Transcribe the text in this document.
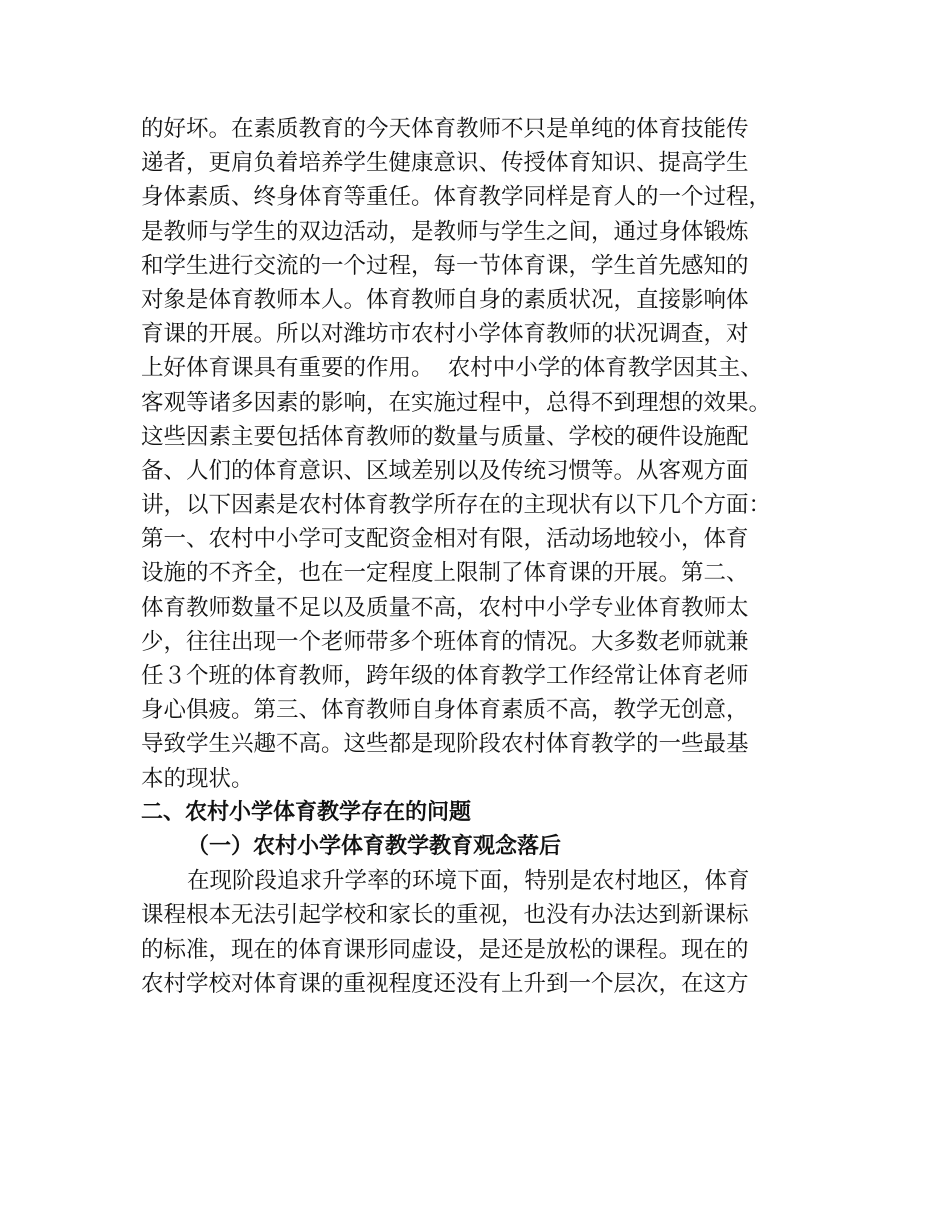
的好坏。在素质教育的今天体育教师不只是单纯的体育技能传
递者，更肩负着培养学生健康意识、传授体育知识、提高学生
身体素质、终身体育等重任。体育教学同样是育人的一个过程，
是教师与学生的双边活动，是教师与学生之间，通过身体锻炼
和学生进行交流的一个过程，每一节体育课，学生首先感知的
对象是体育教师本人。体育教师自身的素质状况，直接影响体
育课的开展。所以对潍坊市农村小学体育教师的状况调查，对
上好体育课具有重要的作用。  农村中小学的体育教学因其主、
客观等诸多因素的影响，在实施过程中，总得不到理想的效果。
这些因素主要包括体育教师的数量与质量、学校的硬件设施配
备、人们的体育意识、区域差别以及传统习惯等。从客观方面
讲，以下因素是农村体育教学所存在的主现状有以下几个方面：
第一、农村中小学可支配资金相对有限，活动场地较小，体育
设施的不齐全，也在一定程度上限制了体育课的开展。第二、
体育教师数量不足以及质量不高，农村中小学专业体育教师太
少，往往出现一个老师带多个班体育的情况。大多数老师就兼
任３个班的体育教师，跨年级的体育教学工作经常让体育老师
身心俱疲。第三、体育教师自身体育素质不高，教学无创意，
导致学生兴趣不高。这些都是现阶段农村体育教学的一些最基
本的现状。
二、农村小学体育教学存在的问题
（一）农村小学体育教学教育观念落后
在现阶段追求升学率的环境下面，特别是农村地区，体育
课程根本无法引起学校和家长的重视，也没有办法达到新课标
的标准，现在的体育课形同虚设，是还是放松的课程。现在的
农村学校对体育课的重视程度还没有上升到一个层次，在这方
